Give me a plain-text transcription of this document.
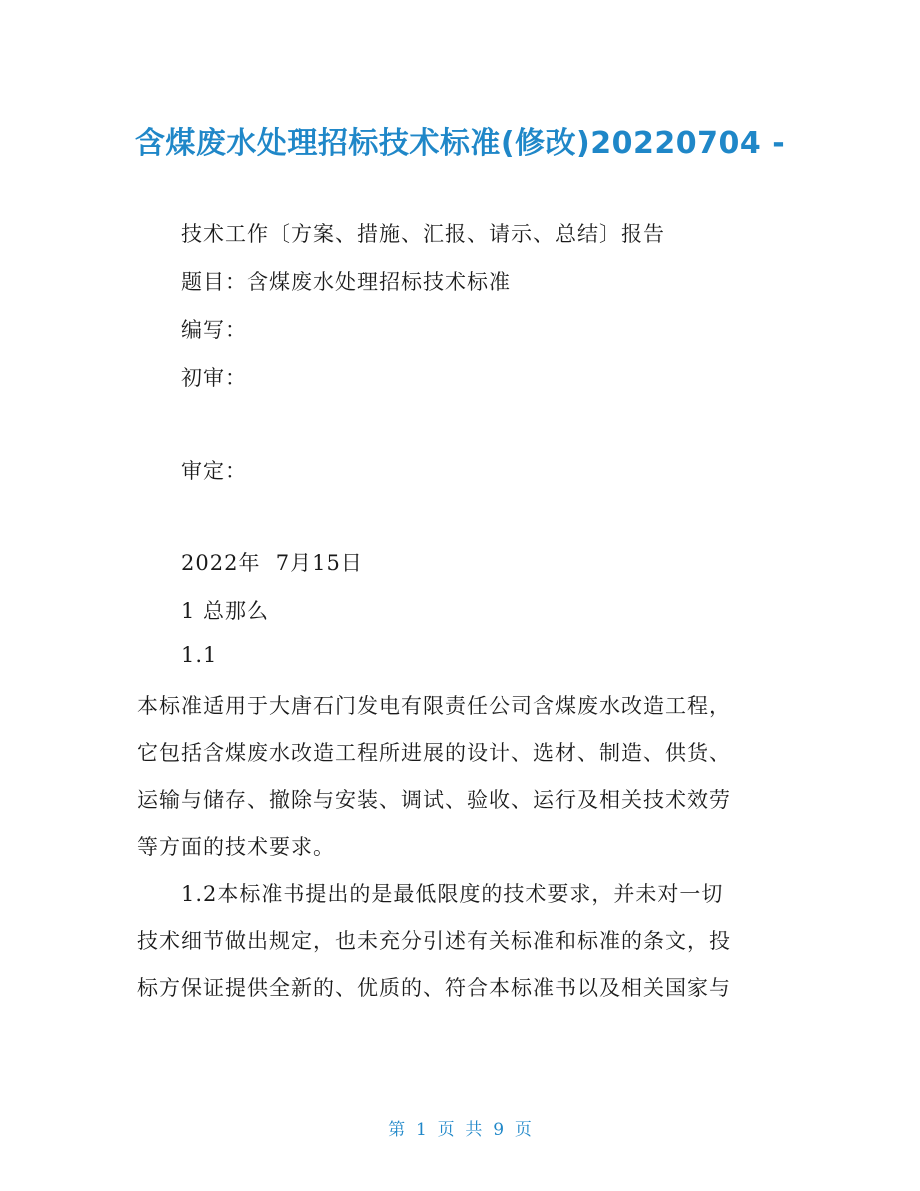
含煤废水处理招标技术标准(修改)20220704 -
技术工作〔方案、措施、汇报、请示、总结〕报告
题目：含煤废水处理招标技术标准
编写：
初审：
审定：
2022年  7月15日
1 总那么
1.1
本标准适用于大唐石门发电有限责任公司含煤废水改造工程，
它包括含煤废水改造工程所进展的设计、选材、制造、供货、
运输与储存、撤除与安装、调试、验收、运行及相关技术效劳
等方面的技术要求。
1.2本标准书提出的是最低限度的技术要求，并未对一切
技术细节做出规定，也未充分引述有关标准和标准的条文，投
标方保证提供全新的、优质的、符合本标准书以及相关国家与
第  1  页  共  9  页
